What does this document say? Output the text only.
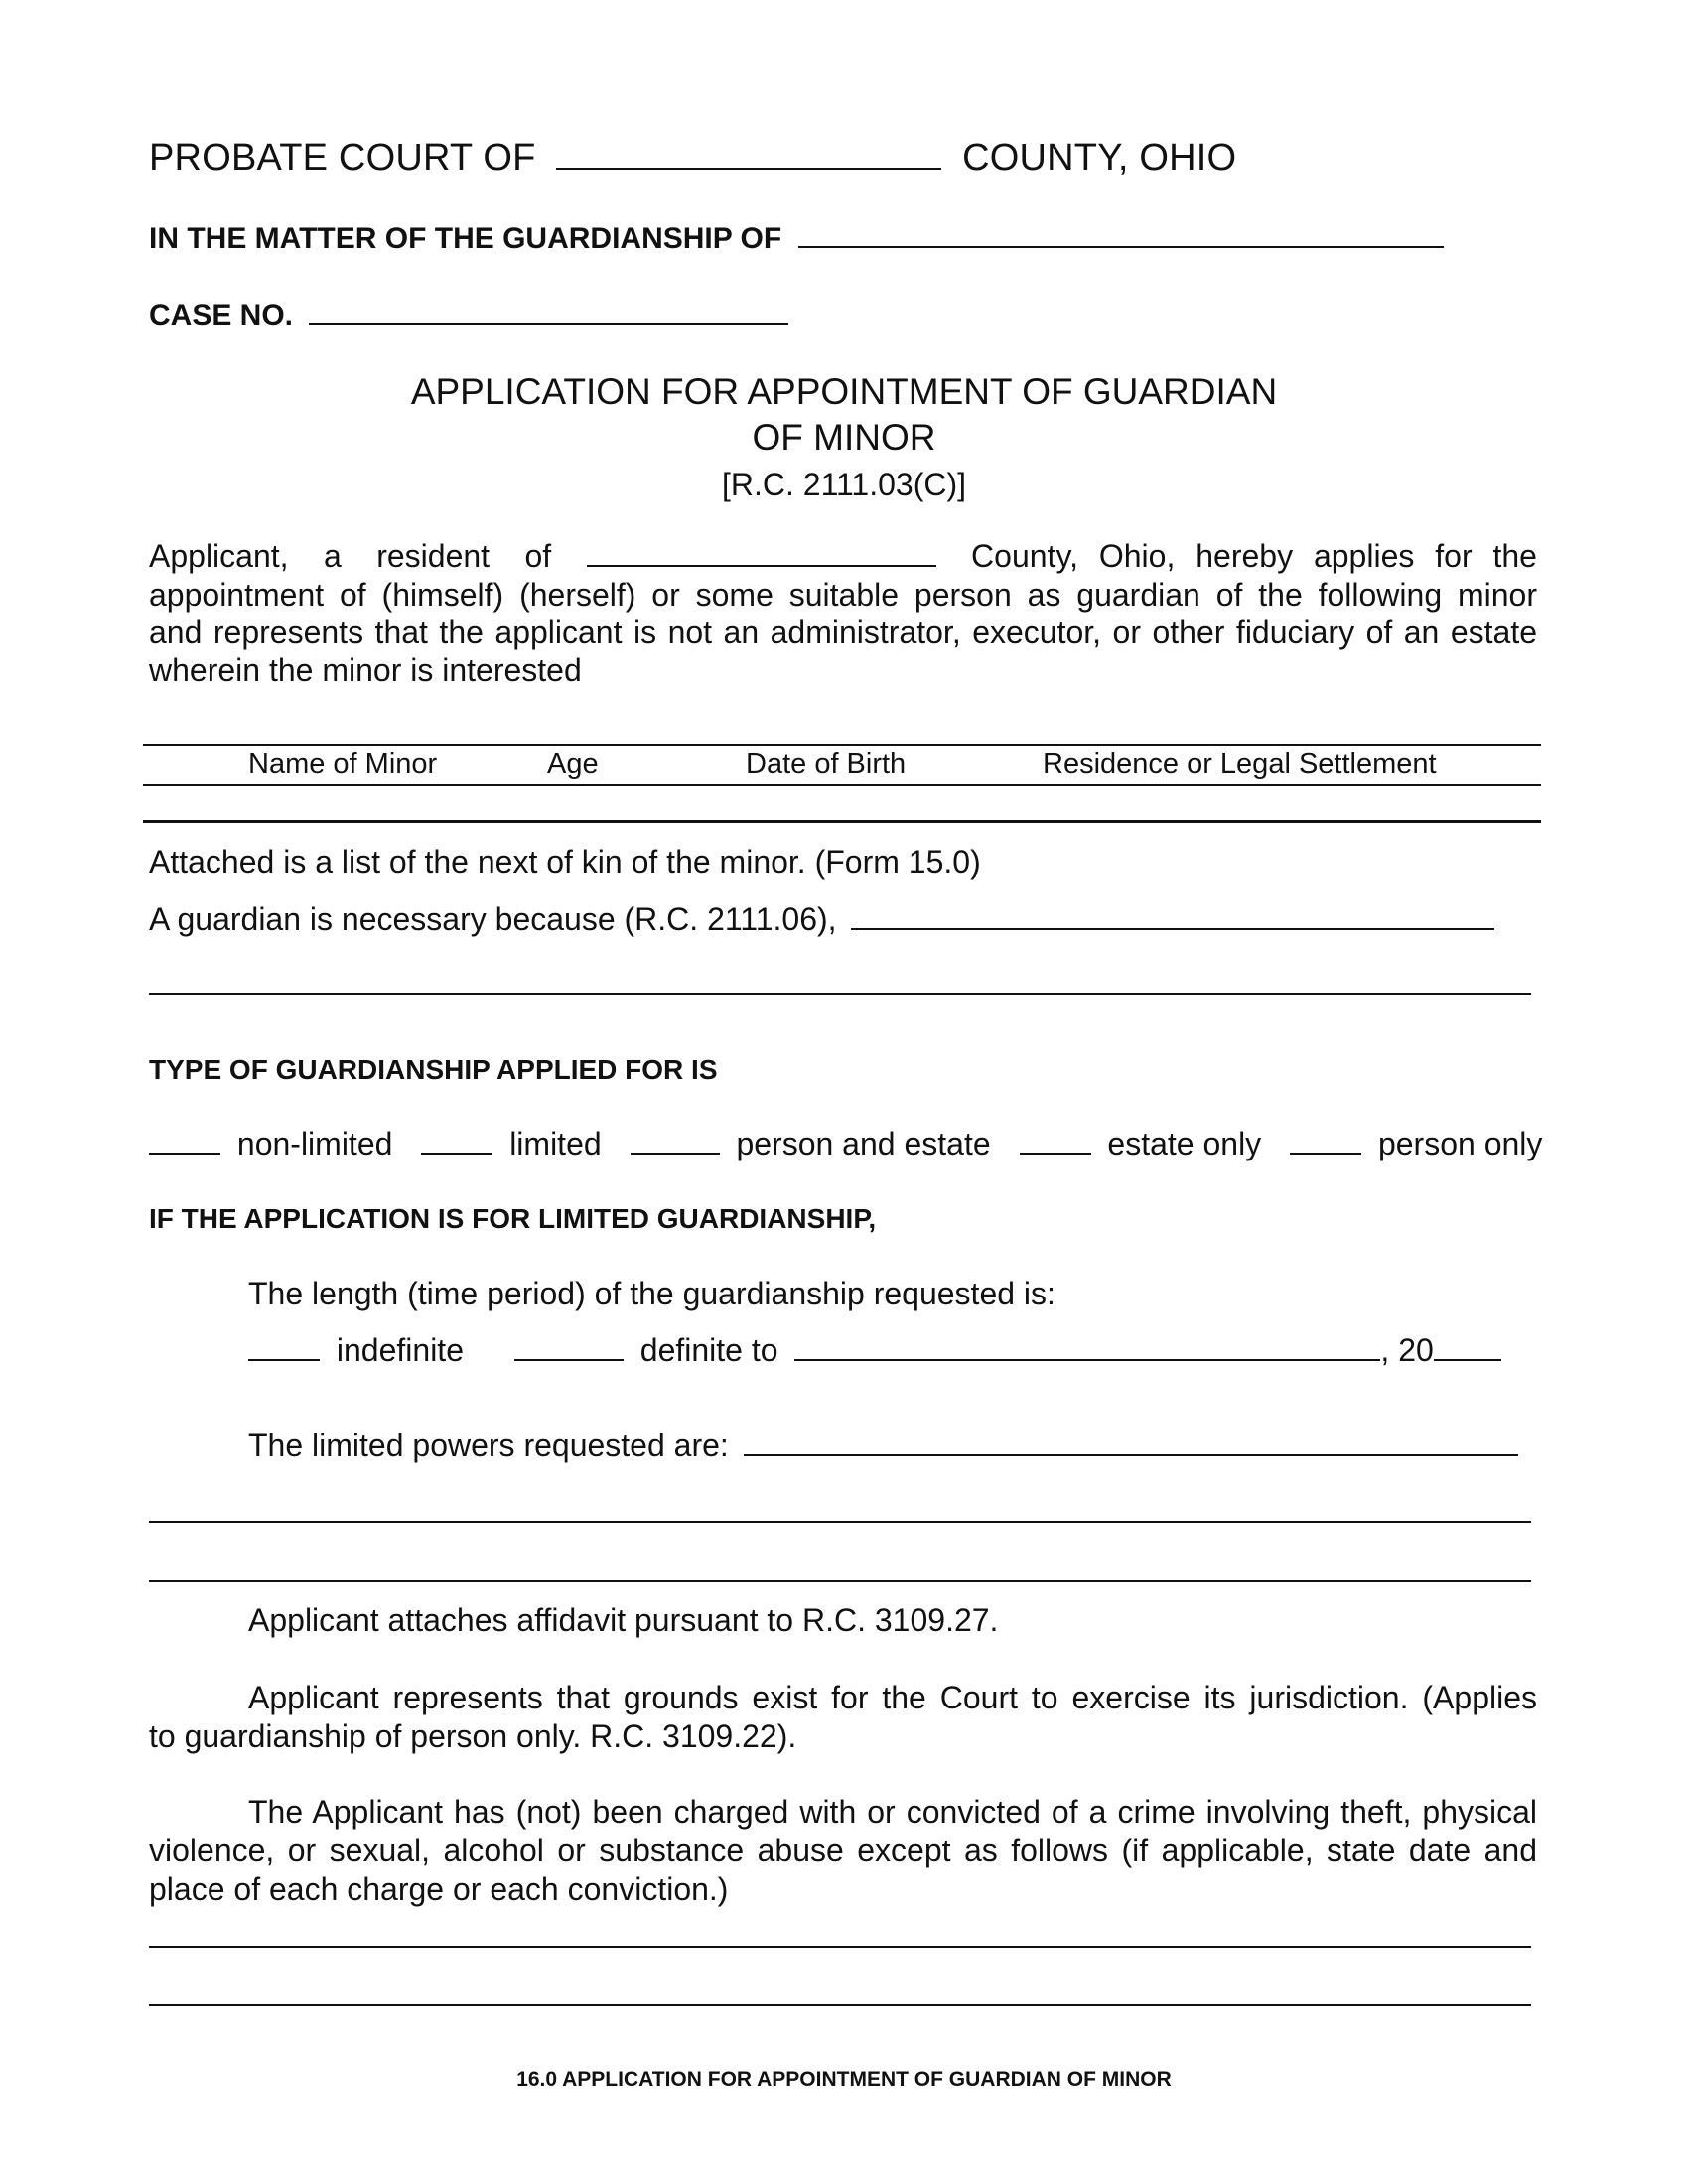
PROBATE COURT OF	COUNTY, OHIO
IN THE MATTER OF THE GUARDIANSHIP OF
CASE NO.
APPLICATION FOR APPOINTMENT OF GUARDIAN
OF MINOR
[R.C. 2111.03(C)]
Applicant, a resident of	County, Ohio, hereby applies for the
appointment of (himself) (herself) or some suitable person as guardian of the following minor
and represents that the applicant is not an administrator, executor, or other fiduciary of an estate
wherein the minor is interested
Name of Minor	Age	Date of Birth	Residence or Legal Settlement
Attached is a list of the next of kin of the minor. (Form 15.0)
A guardian is necessary because (R.C. 2111.06),
TYPE OF GUARDIANSHIP APPLIED FOR IS
non-limited	limited	person and estate	estate only	person only
IF THE APPLICATION IS FOR LIMITED GUARDIANSHIP,
The length (time period) of the guardianship requested is:
indefinite	definite to	, 20
The limited powers requested are:
Applicant attaches affidavit pursuant to R.C. 3109.27.
Applicant represents that grounds exist for the Court to exercise its jurisdiction. (Applies
to guardianship of person only. R.C. 3109.22).
The Applicant has (not) been charged with or convicted of a crime involving theft, physical
violence, or sexual, alcohol or substance abuse except as follows (if applicable, state date and
place of each charge or each conviction.)
16.0 APPLICATION FOR APPOINTMENT OF GUARDIAN OF MINOR
